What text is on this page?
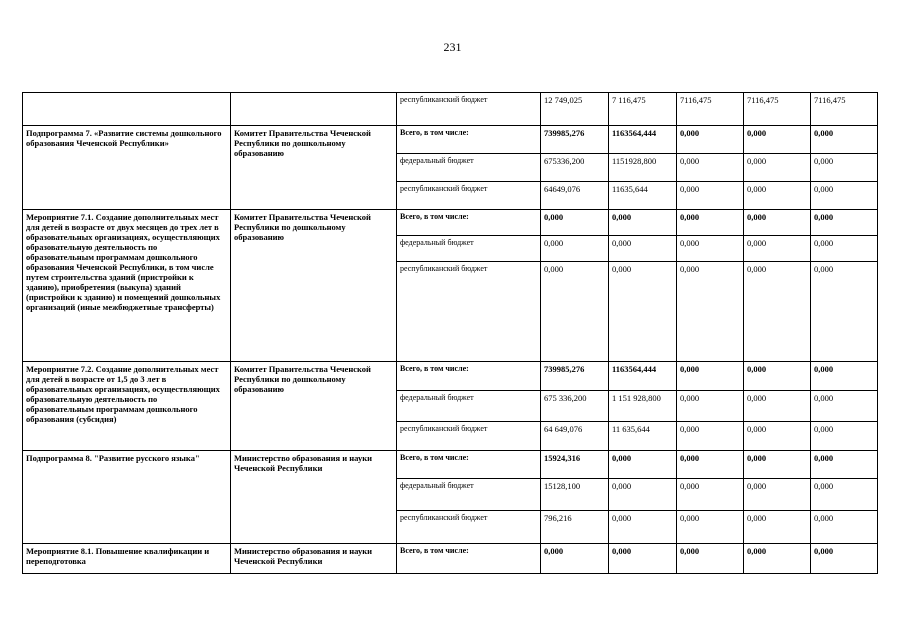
231
		республиканский бюджет	12 749,025	7 116,475	7116,475	7116,475	7116,475
Подпрограмма 7. «Развитие системы дошкольного образования Чеченской Республики»	Комитет Правительства Чеченской Республики по дошкольному образованию	Всего, в том числе:	739985,276	1163564,444	0,000	0,000	0,000
		федеральный бюджет	675336,200	1151928,800	0,000	0,000	0,000
		республиканский бюджет	64649,076	11635,644	0,000	0,000	0,000
Мероприятие 7.1. Создание дополнительных мест для детей в возрасте от двух месяцев до трех лет в образовательных организациях, осуществляющих образовательную деятельность по образовательным программам дошкольного образования Чеченской Республики, в том числе путем строительства зданий (пристройки к зданию), приобретения (выкупа) зданий (пристройки к зданию) и помещений дошкольных организаций (иные межбюджетные трансферты)	Комитет Правительства Чеченской Республики по дошкольному образованию	Всего, в том числе:	0,000	0,000	0,000	0,000	0,000
		федеральный бюджет	0,000	0,000	0,000	0,000	0,000
		республиканский бюджет	0,000	0,000	0,000	0,000	0,000
Мероприятие 7.2. Создание дополнительных мест для детей в возрасте от 1,5 до 3 лет в образовательных организациях, осуществляющих образовательную деятельность по образовательным программам дошкольного образования (субсидия)	Комитет Правительства Чеченской Республики по дошкольному образованию	Всего, в том числе:	739985,276	1163564,444	0,000	0,000	0,000
		федеральный бюджет	675 336,200	1 151 928,800	0,000	0,000	0,000
		республиканский бюджет	64 649,076	11 635,644	0,000	0,000	0,000
Подпрограмма 8. "Развитие русского языка"	Министерство образования и науки Чеченской Республики	Всего, в том числе:	15924,316	0,000	0,000	0,000	0,000
		федеральный бюджет	15128,100	0,000	0,000	0,000	0,000
		республиканский бюджет	796,216	0,000	0,000	0,000	0,000
Мероприятие 8.1. Повышение квалификации и переподготовка	Министерство образования и науки Чеченской Республики	Всего, в том числе:	0,000	0,000	0,000	0,000	0,000
